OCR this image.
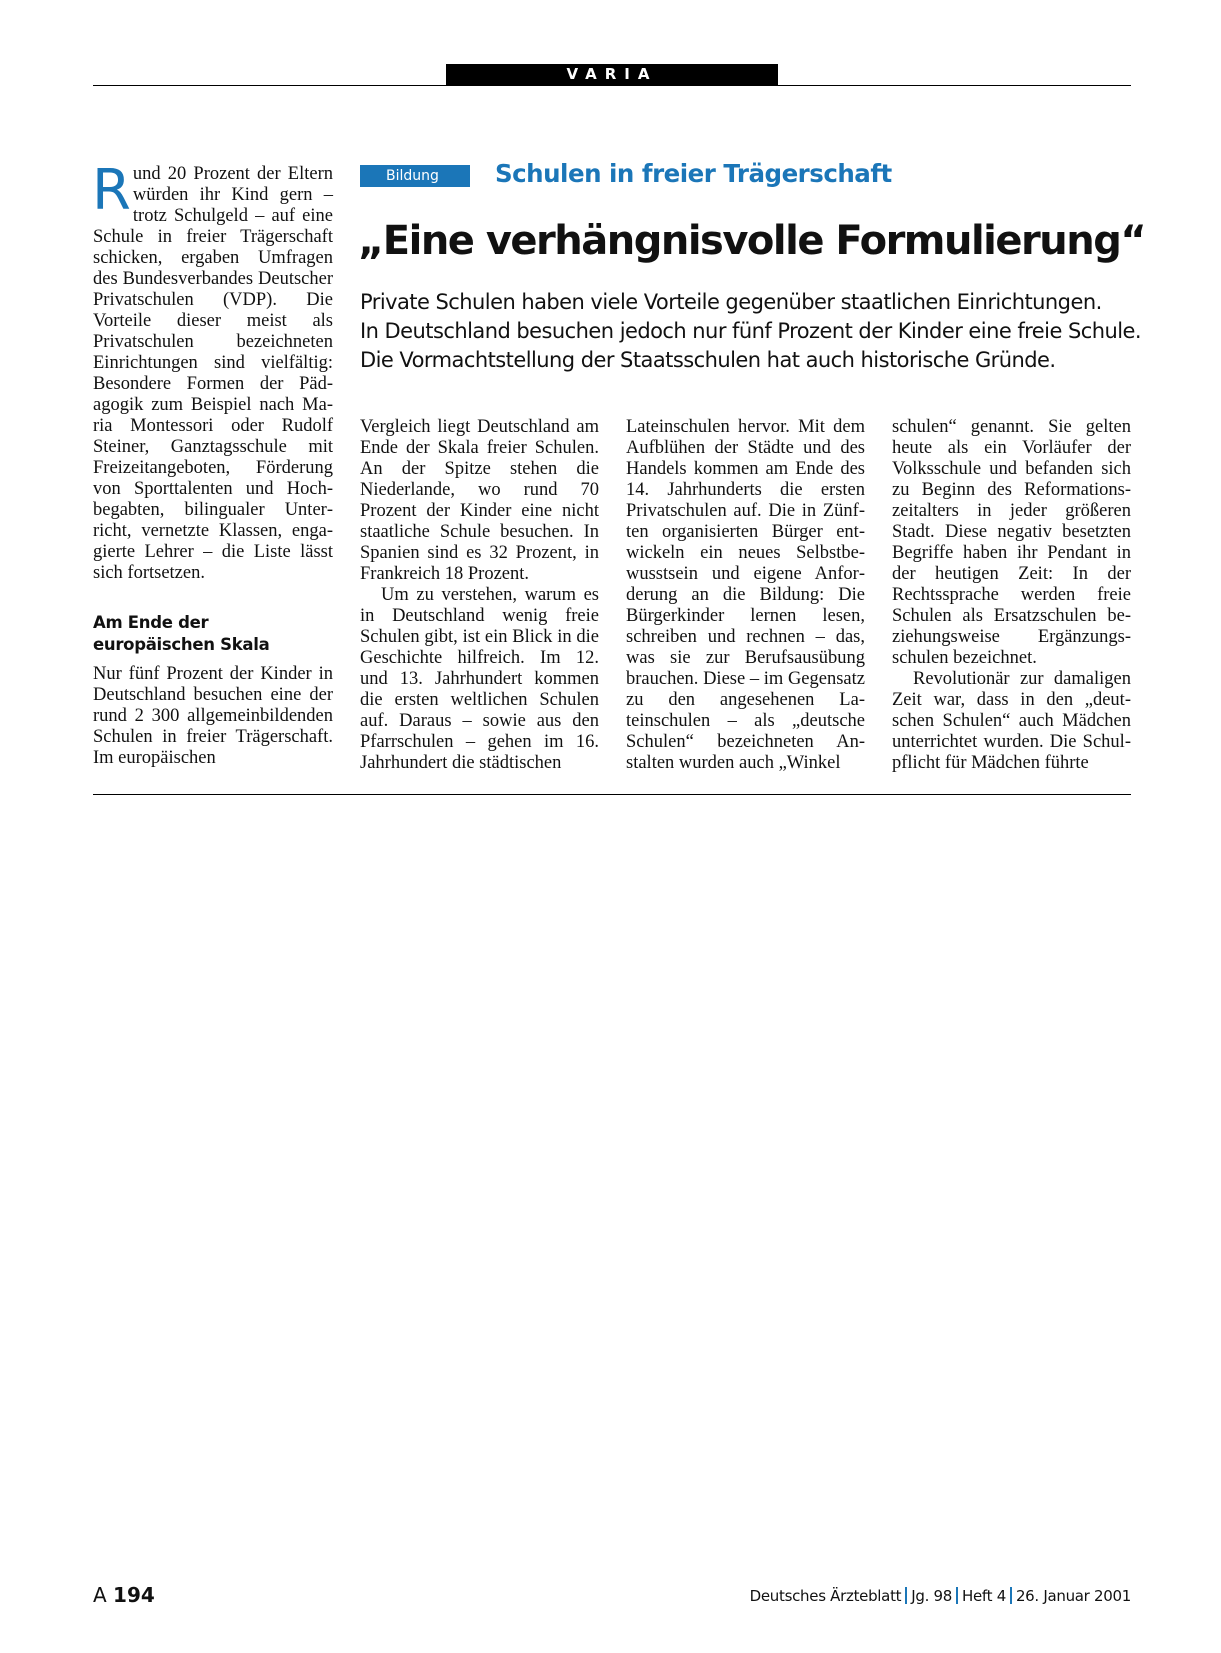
VARIA

Rund 20 Prozent der Eltern würden ihr Kind gern – trotz Schulgeld – auf eine Schule in freier Trägerschaft schicken, ergaben Umfragen des Bundesverbandes Deutscher Privatschulen (VDP). Die Vorteile dieser meist als Privatschulen bezeichneten Einrichtungen sind vielfältig: Besondere Formen der Pädagogik zum Beispiel nach Maria Montessori oder Rudolf Steiner, Ganztagsschule mit Freizeitangeboten, Förderung von Sporttalenten und Hochbegabten, bilingualer Unterricht, vernetzte Klassen, engagierte Lehrer – die Liste lässt sich fortsetzen.

Am Ende der europäischen Skala

Nur fünf Prozent der Kinder in Deutschland besuchen eine der rund 2 300 allgemeinbildenden Schulen in freier Trägerschaft. Im europäischen

Bildung	Schulen in freier Trägerschaft
„Eine verhängnisvolle Formulierung“
Private Schulen haben viele Vorteile gegenüber staatlichen Einrichtungen.
In Deutschland besuchen jedoch nur fünf Prozent der Kinder eine freie Schule.
Die Vormachtstellung der Staatsschulen hat auch historische Gründe.

Vergleich liegt Deutschland am Ende der Skala freier Schulen. An der Spitze stehen die Niederlande, wo rund 70 Prozent der Kinder eine nicht staatliche Schule besuchen. In Spanien sind es 32 Prozent, in Frankreich 18 Prozent.

Um zu verstehen, warum es in Deutschland wenig freie Schulen gibt, ist ein Blick in die Geschichte hilfreich. Im 12. und 13. Jahrhundert kommen die ersten weltlichen Schulen auf. Daraus – sowie aus den Pfarrschulen – gehen im 16. Jahrhundert die städtischen

Lateinschulen hervor. Mit dem Aufblühen der Städte und des Handels kommen am Ende des 14. Jahrhunderts die ersten Privatschulen auf. Die in Zünften organisierten Bürger entwickeln ein neues Selbstbewusstsein und eigene Anforderung an die Bildung: Die Bürgerkinder lernen lesen, schreiben und rechnen – das, was sie zur Berufsausübung brauchen. Diese – im Gegensatz zu den angesehenen Lateinschulen – als „deutsche Schulen“ bezeichneten Anstalten wurden auch „Winkel

schulen“ genannt. Sie gelten heute als ein Vorläufer der Volksschule und befanden sich zu Beginn des Reformationszeitalters in jeder größeren Stadt. Diese negativ besetzten Begriffe haben ihr Pendant in der heutigen Zeit: In der Rechtssprache werden freie Schulen als Ersatzschulen beziehungsweise Ergänzungsschulen bezeichnet.

Revolutionär zur damaligen Zeit war, dass in den „deutschen Schulen“ auch Mädchen unterrichtet wurden. Die Schulpflicht für Mädchen führte

A 194	Deutsches Ärzteblatt Jg. 98 Heft 4 26. Januar 2001
